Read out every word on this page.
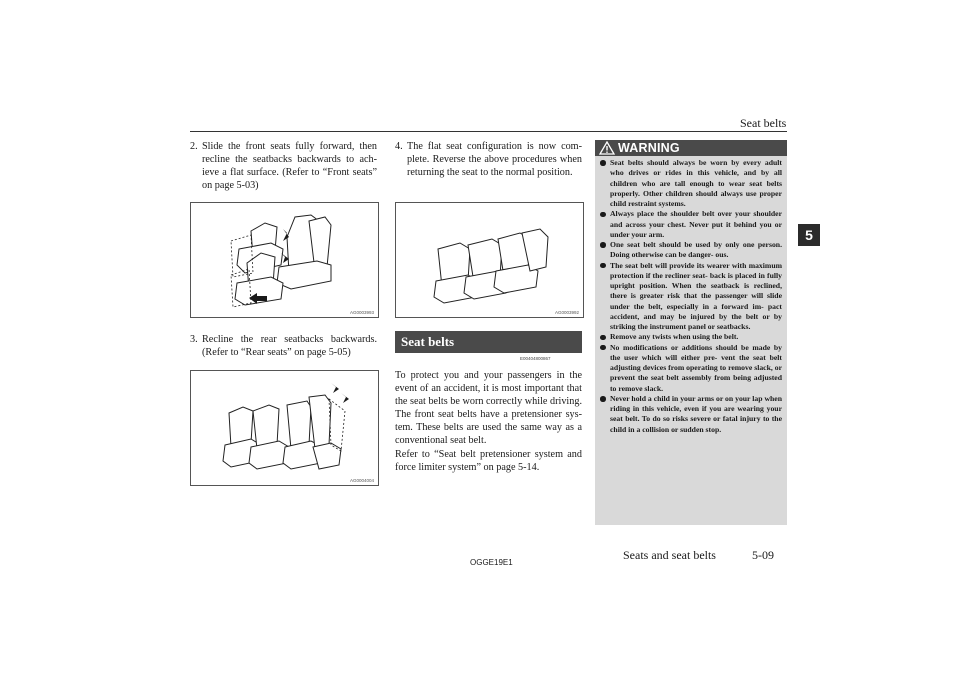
Seat belts
5
2. Slide the front seats fully forward, then recline the seatbacks backwards to ach- ieve a flat surface. (Refer to “Front seats” on page 5-03)
AG0003993
3. Recline the rear seatbacks backwards. (Refer to “Rear seats” on page 5-05)
AG0004004
4. The flat seat configuration is now com- plete. Reverse the above procedures when returning the seat to the normal position.
AG0003992
Seat belts
E00404800867

To protect you and your passengers in the event of an accident, it is most important that the seat belts be worn correctly while driving. The front seat belts have a pretensioner sys- tem. These belts are used the same way as a conventional seat belt.

Refer to “Seat belt pretensioner system and force limiter system” on page 5-14.

WARNING
Seat belts should always be worn by every adult who drives or rides in this vehicle, and by all children who are tall enough to wear seat belts properly. Other children should always use proper child restraint systems.
Always place the shoulder belt over your shoulder and across your chest. Never put it behind you or under your arm.
One seat belt should be used by only one person. Doing otherwise can be danger- ous.
The seat belt will provide its wearer with maximum protection if the recliner seat- back is placed in fully upright position. When the seatback is reclined, there is greater risk that the passenger will slide under the belt, especially in a forward im- pact accident, and may be injured by the belt or by striking the instrument panel or seatbacks.
Remove any twists when using the belt.
No modifications or additions should be made by the user which will either pre- vent the seat belt adjusting devices from operating to remove slack, or prevent the seat belt assembly from being adjusted to remove slack.
Never hold a child in your arms or on your lap when riding in this vehicle, even if you are wearing your seat belt. To do so risks severe or fatal injury to the child in a collision or sudden stop.
OGGE19E1
Seats and seat belts	5-09
